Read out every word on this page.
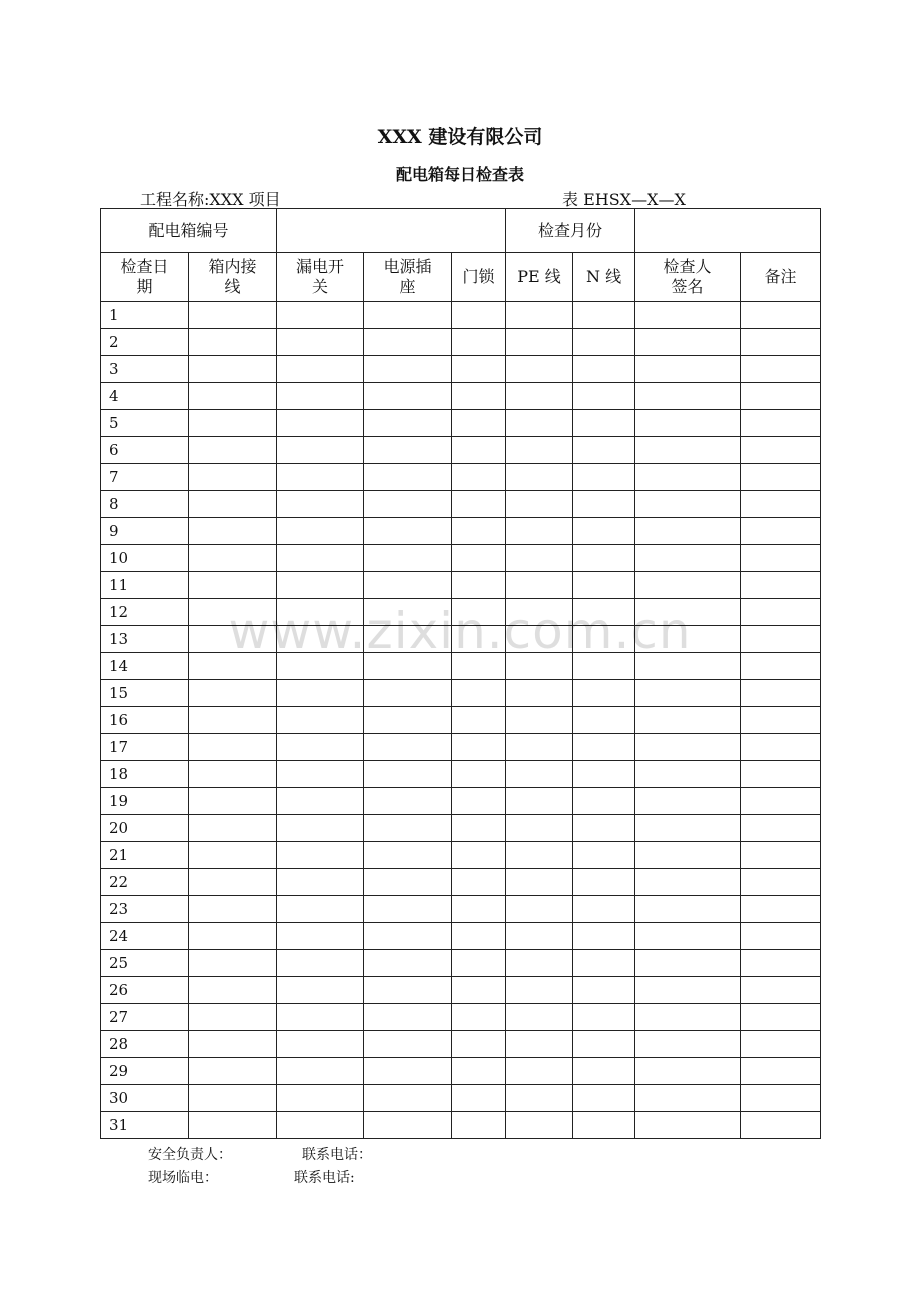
XXX 建设有限公司
配电箱每日检查表
工程名称:XXX 项目	表 EHSX—X—X
配电箱编号					检查月份			
检查日期	箱内接线	漏电开关	电源插座	门锁	PE 线	N 线	检查人签名	备注
1								
2								
3								
4								
5								
6								
7								
8								
9								
10								
11								
12								
13								
14								
15								
16								
17								
18								
19								
20								
21								
22								
23								
24								
25								
26								
27								
28								
29								
30								
31								
www.zixin.com.cn
安全负责人：	联系电话：
现场临电：	联系电话:
